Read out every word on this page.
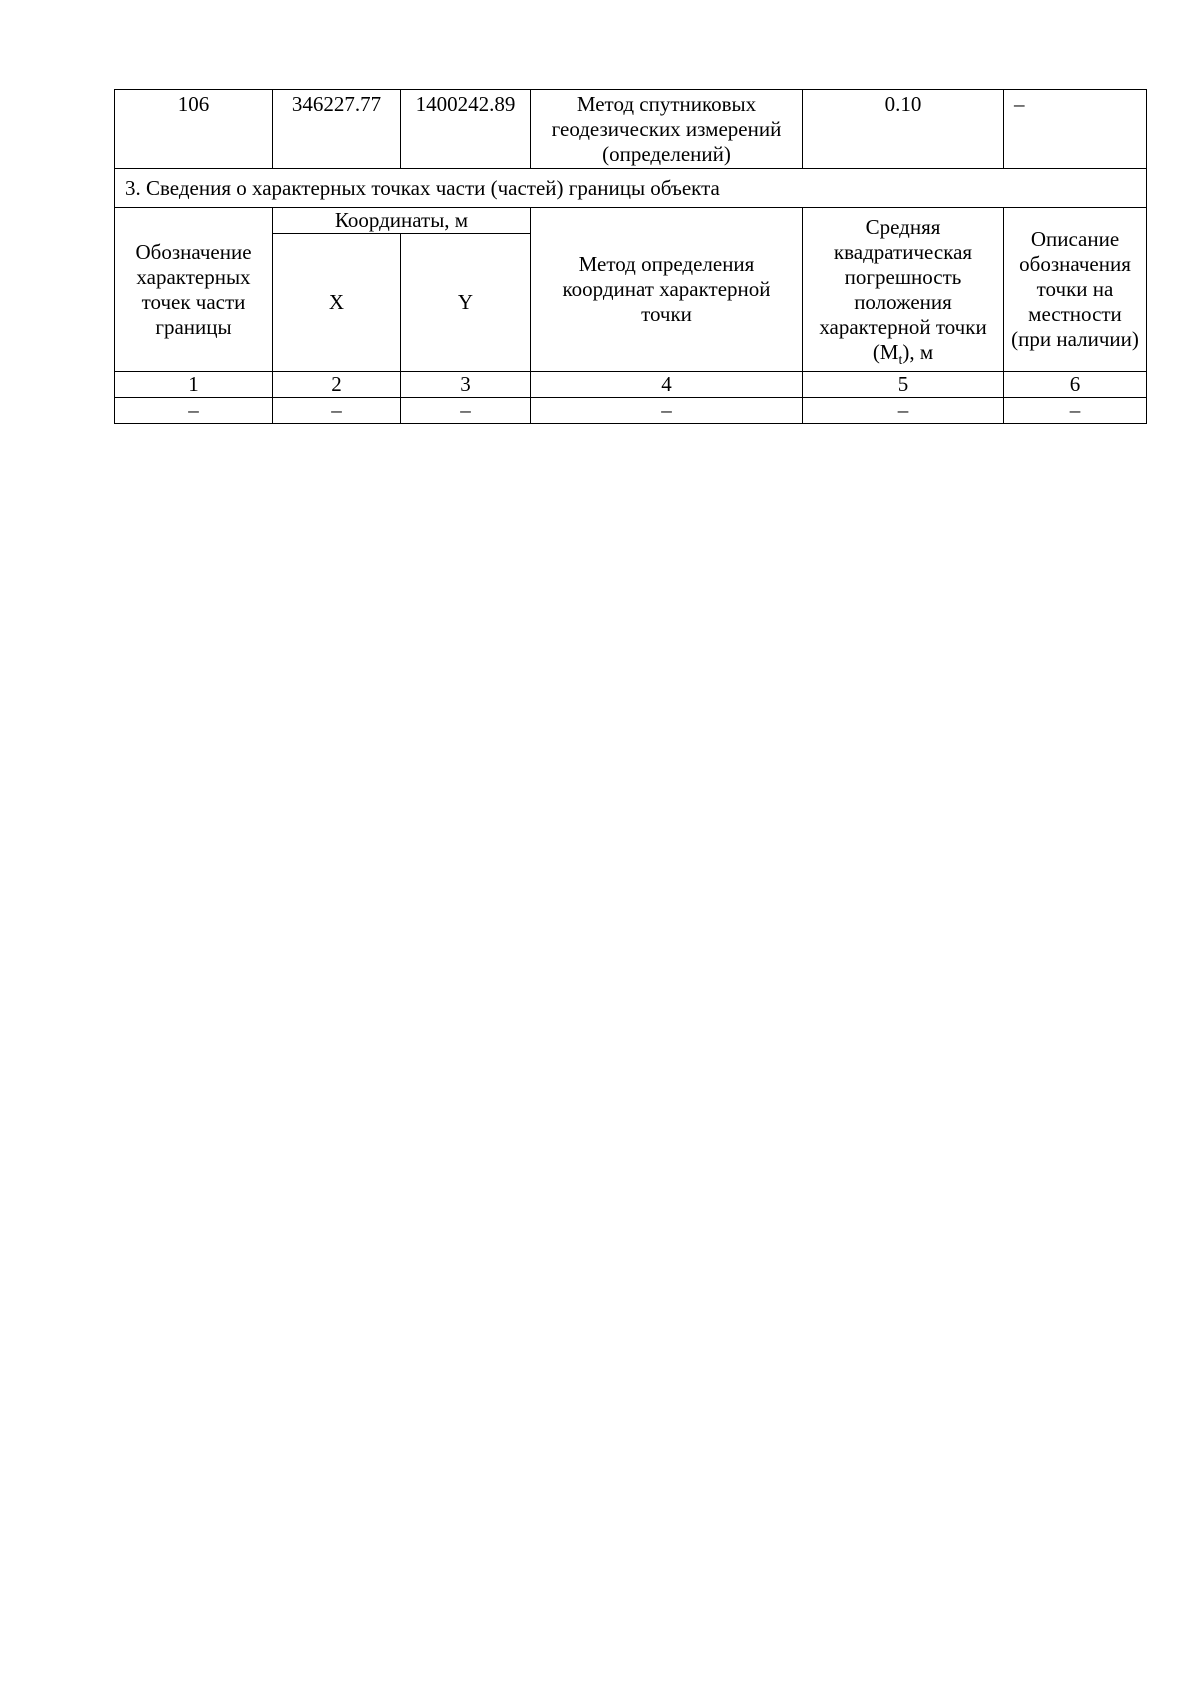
106	346227.77	1400242.89	Метод спутниковых геодезических измерений (определений)	0.10	–
3. Сведения о характерных точках части (частей) границы объекта					
Обозначение характерных точек части границы	Координаты, м		Метод определения координат характерной точки	Средняя квадратическая погрешность положения характерной точки $(M_t)$, м	Описание обозначения точки на местности (при наличии)
	X	Y			
1	2	3	4	5	6
–	–	–	–	–	–
